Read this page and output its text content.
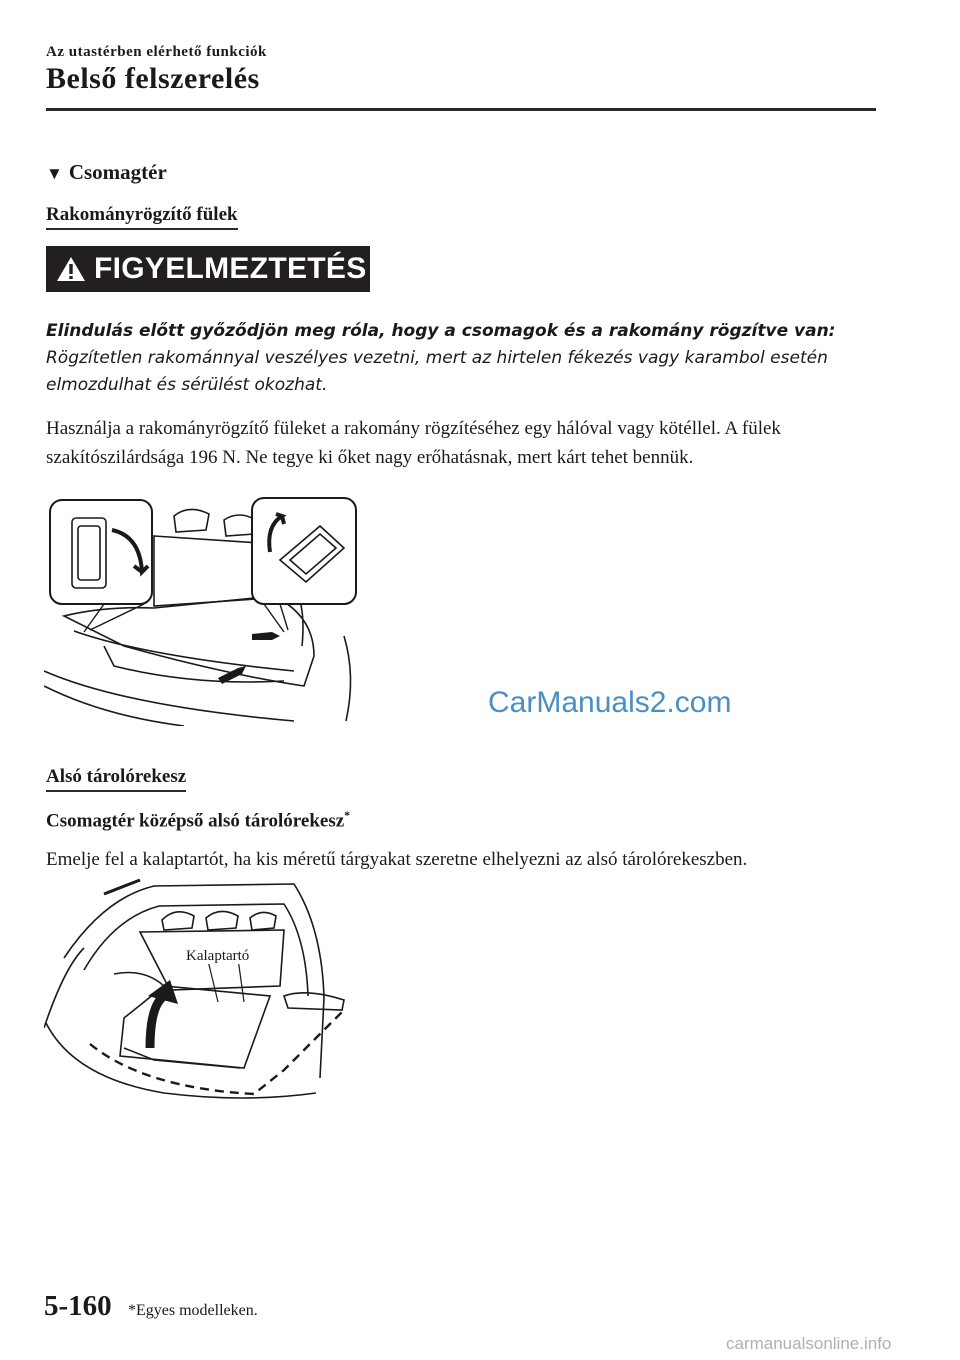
Az utastérben elérhető funkciók
Belső felszerelés
▼ Csomagtér
Rakományrögzítő fülek
FIGYELMEZTETÉS
Elindulás előtt győződjön meg róla, hogy a csomagok és a rakomány rögzítve van:
Rögzítetlen rakománnyal veszélyes vezetni, mert az hirtelen fékezés vagy karambol esetén elmozdulhat és sérülést okozhat.
Használja a rakományrögzítő füleket a rakomány rögzítéséhez egy hálóval vagy kötéllel. A fülek szakítószilárdsága 196 N. Ne tegye ki őket nagy erőhatásnak, mert kárt tehet bennük.
CarManuals2.com
Alsó tárolórekesz
Csomagtér középső alsó tárolórekesz*
Emelje fel a kalaptartót, ha kis méretű tárgyakat szeretne elhelyezni az alsó tárolórekeszben.
Kalaptartó
5-160 *Egyes modelleken.
carmanualsonline.info
